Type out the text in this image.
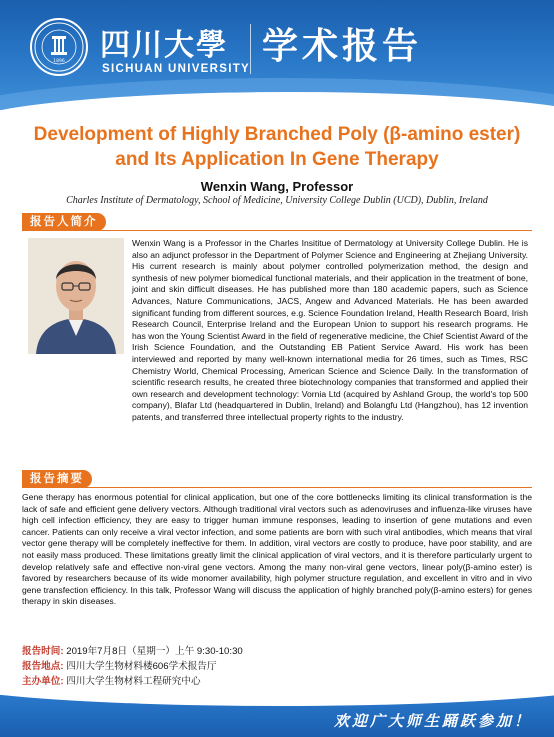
1896 四川大學
SICHUAN UNIVERSITY
学术报告
Development of Highly Branched Poly (β-amino ester)
and Its Application In Gene Therapy
Wenxin Wang, Professor
Charles Institute of Dermatology, School of Medicine, University College Dublin (UCD), Dublin, Ireland
报告人简介
Wenxin Wang is a Professor in the Charles Insititue of Dermatology at University College Dublin. He is also an adjunct professor in the Department of Polymer Science and Engineering at Zhejiang University. His current research is mainly about polymer controlled polymerization method, the design and synthesis of new polymer biomedical functional materials, and their application in the treatment of bone, joint and skin difficult diseases. He has published more than 180 academic papers, such as Science Advances, Nature Communications, JACS, Angew and Advanced Materials. He has been awarded significant funding from different sources, e.g. Science Foundation Ireland, Health Research Board, Irish Research Council, Enterprise Ireland and the European Union to support his research programs. He has won the Young Scientist Award in the field of regenerative medicine, the Chief Scientist Award of the Irish Science Foundation, and the Outstanding EB Patient Service Award. His work has been interviewed and reported by many well-known international media for 26 times, such as Times, RSC Chemistry World, Chemical Processing, American Science and Science Daily. In the transformation of scientific research results, he created three biotechnology companies that transformed and applied their own research and development technology: Vornia Ltd (acquired by Ashland Group, the world's top 500 company), Blafar Ltd (headquartered in Dublin, Ireland) and Bolangfu Ltd (Hangzhou), has 12 invention patents, and transferred three intellectual property rights to the industry.
报告摘要
Gene therapy has enormous potential for clinical application, but one of the core bottlenecks limiting its clinical transformation is the lack of safe and efficient gene delivery vectors. Although traditional viral vectors such as adenoviruses and influenza-like viruses have high cell infection efficiency, they are easy to trigger human immune responses, leading to insertion of gene mutations and even cancer. Patients can only receive a viral vector infection, and some patients are born with such viral antibodies, which means that viral vector gene therapy will be completely ineffective for them. In addition, viral vectors are costly to produce, have poor stability, and are not easily mass produced. These limitations greatly limit the clinical application of viral vectors, and it is therefore particularly urgent to develop relatively safe and effective non-viral gene vectors. Among the many non-viral gene vectors, linear poly(β-amino ester) is favored by researchers because of its wide monomer availability, high polymer structure regulation, and excellent in vitro and in vivo gene transfection efficiency. In this talk, Professor Wang will discuss the application of highly branched poly(β-amino esters) for genes therapy in skin diseases.
报告时间: 2019年7月8日（星期一）上午 9:30-10:30
报告地点: 四川大学生物材料楼606学术报告厅
主办单位: 四川大学生物材料工程研究中心
欢迎广大师生踊跃参加！
